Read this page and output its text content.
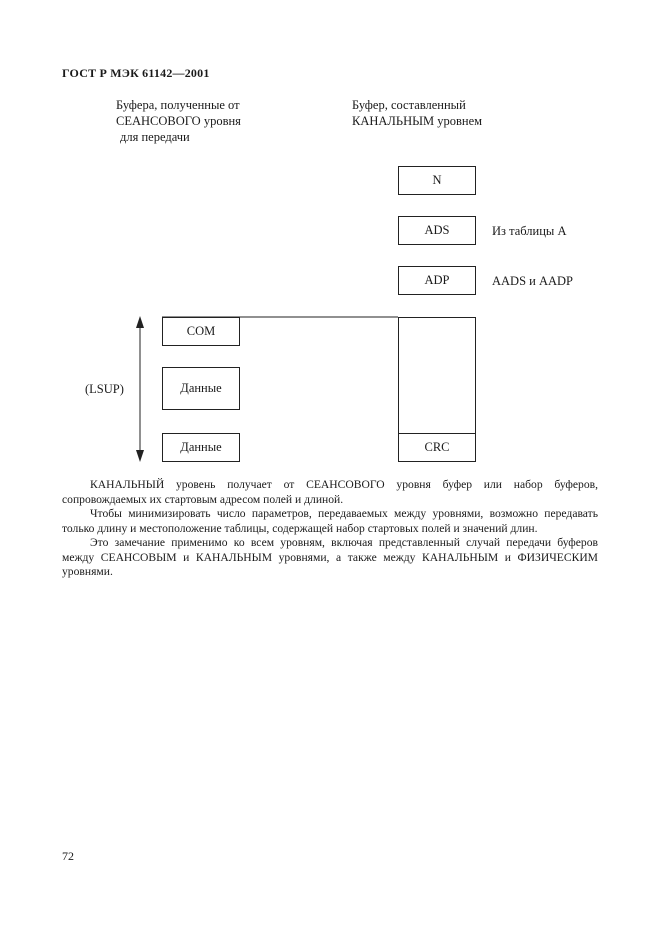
ГОСТ Р МЭК 61142—2001
Буфера, полученные от
СЕАНСОВОГО уровня
для передачи
Буфер, составленный
КАНАЛЬНЫМ уровнем
COM
Данные
Данные
N
ADS
ADP
CRC
Из таблицы А
AADS и AADP
(LSUP)

КАНАЛЬНЫЙ уровень получает от СЕАНСОВОГО уровня буфер или набор буферов, сопровождаемых их стартовым адресом полей и длиной.

Чтобы минимизировать число параметров, передаваемых между уровнями, возможно передавать только длину и местоположение таблицы, содержащей набор стартовых полей и значений длин.

Это замечание применимо ко всем уровням, включая представленный случай передачи буферов между СЕАНСОВЫМ и КАНАЛЬНЫМ уровнями, а также между КАНАЛЬНЫМ и ФИЗИЧЕСКИМ уровнями.

72
